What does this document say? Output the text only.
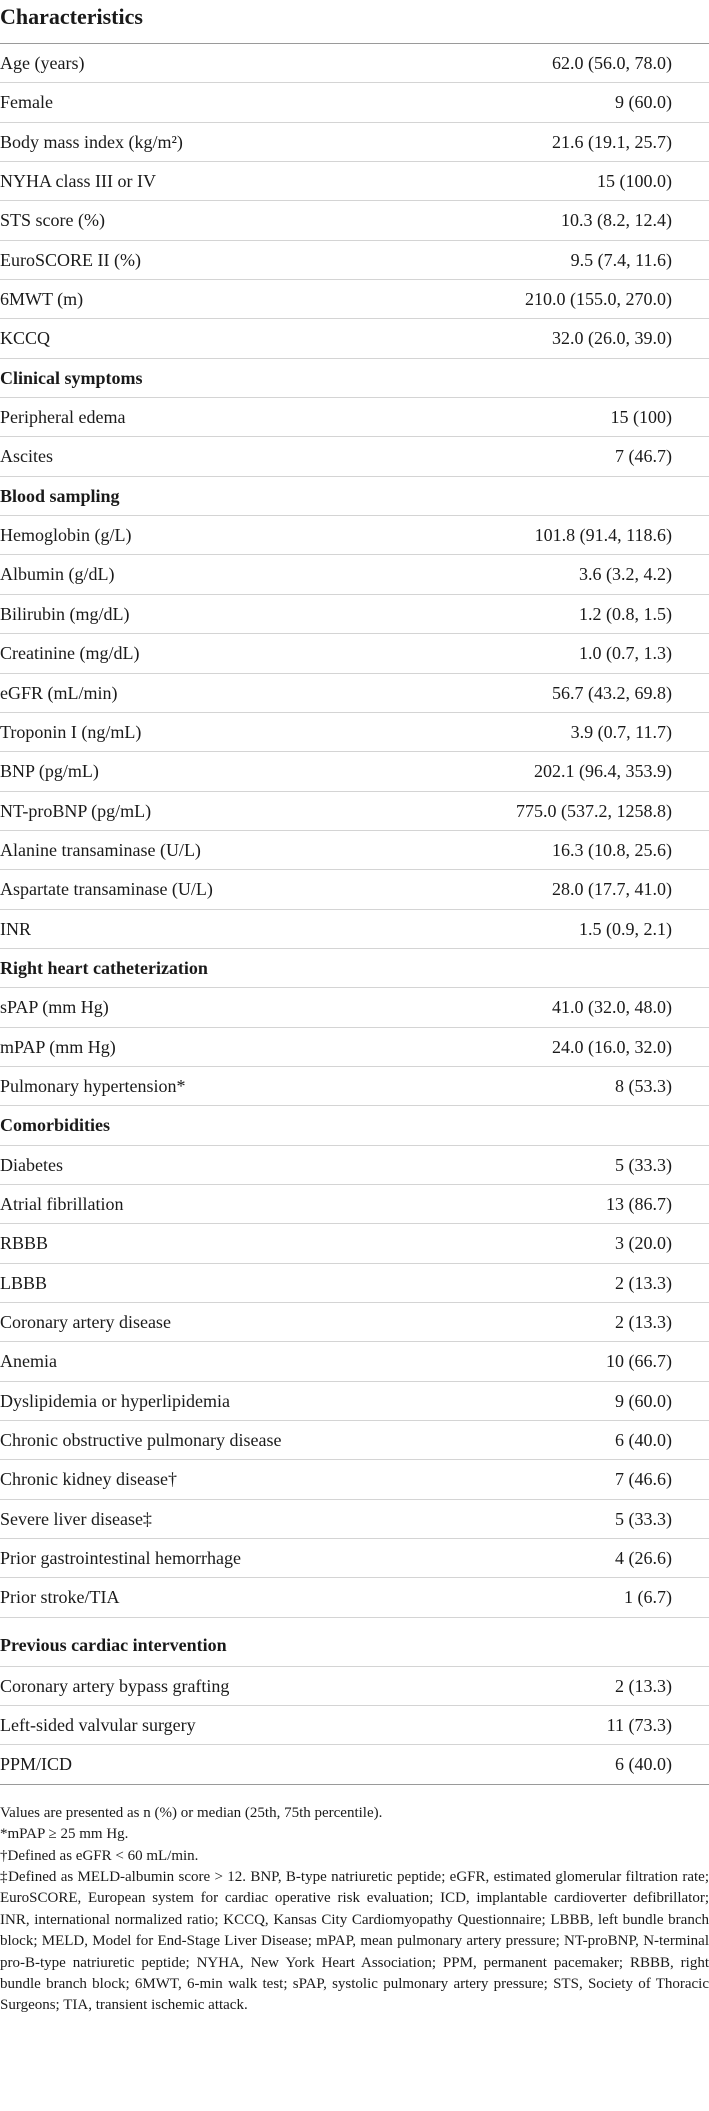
Characteristics
Age (years)	62.0 (56.0, 78.0)
Female	9 (60.0)
Body mass index (kg/m²)	21.6 (19.1, 25.7)
NYHA class III or IV	15 (100.0)
STS score (%)	10.3 (8.2, 12.4)
EuroSCORE II (%)	9.5 (7.4, 11.6)
6MWT (m)	210.0 (155.0, 270.0)
KCCQ	32.0 (26.0, 39.0)
Clinical symptoms
Peripheral edema	15 (100)
Ascites	7 (46.7)
Blood sampling
Hemoglobin (g/L)	101.8 (91.4, 118.6)
Albumin (g/dL)	3.6 (3.2, 4.2)
Bilirubin (mg/dL)	1.2 (0.8, 1.5)
Creatinine (mg/dL)	1.0 (0.7, 1.3)
eGFR (mL/min)	56.7 (43.2, 69.8)
Troponin I (ng/mL)	3.9 (0.7, 11.7)
BNP (pg/mL)	202.1 (96.4, 353.9)
NT-proBNP (pg/mL)	775.0 (537.2, 1258.8)
Alanine transaminase (U/L)	16.3 (10.8, 25.6)
Aspartate transaminase (U/L)	28.0 (17.7, 41.0)
INR	1.5 (0.9, 2.1)
Right heart catheterization
sPAP (mm Hg)	41.0 (32.0, 48.0)
mPAP (mm Hg)	24.0 (16.0, 32.0)
Pulmonary hypertension*	8 (53.3)
Comorbidities
Diabetes	5 (33.3)
Atrial fibrillation	13 (86.7)
RBBB	3 (20.0)
LBBB	2 (13.3)
Coronary artery disease	2 (13.3)
Anemia	10 (66.7)
Dyslipidemia or hyperlipidemia	9 (60.0)
Chronic obstructive pulmonary disease	6 (40.0)
Chronic kidney disease†	7 (46.6)
Severe liver disease‡	5 (33.3)
Prior gastrointestinal hemorrhage	4 (26.6)
Prior stroke/TIA	1 (6.7)
Previous cardiac intervention
Coronary artery bypass grafting	2 (13.3)
Left-sided valvular surgery	11 (73.3)
PPM/ICD	6 (40.0)
Values are presented as n (%) or median (25th, 75th percentile).
*mPAP ≥ 25 mm Hg.
†Defined as eGFR < 60 mL/min.
‡Defined as MELD-albumin score > 12. BNP, B-type natriuretic peptide; eGFR, estimated glomerular filtration rate; EuroSCORE, European system for cardiac operative risk evaluation; ICD, implantable cardioverter defibrillator; INR, international normalized ratio; KCCQ, Kansas City Cardiomyopathy Questionnaire; LBBB, left bundle branch block; MELD, Model for End-Stage Liver Disease; mPAP, mean pulmonary artery pressure; NT-proBNP, N-terminal pro-B-type natriuretic peptide; NYHA, New York Heart Association; PPM, permanent pacemaker; RBBB, right bundle branch block; 6MWT, 6-min walk test; sPAP, systolic pulmonary artery pressure; STS, Society of Thoracic Surgeons; TIA, transient ischemic attack.
